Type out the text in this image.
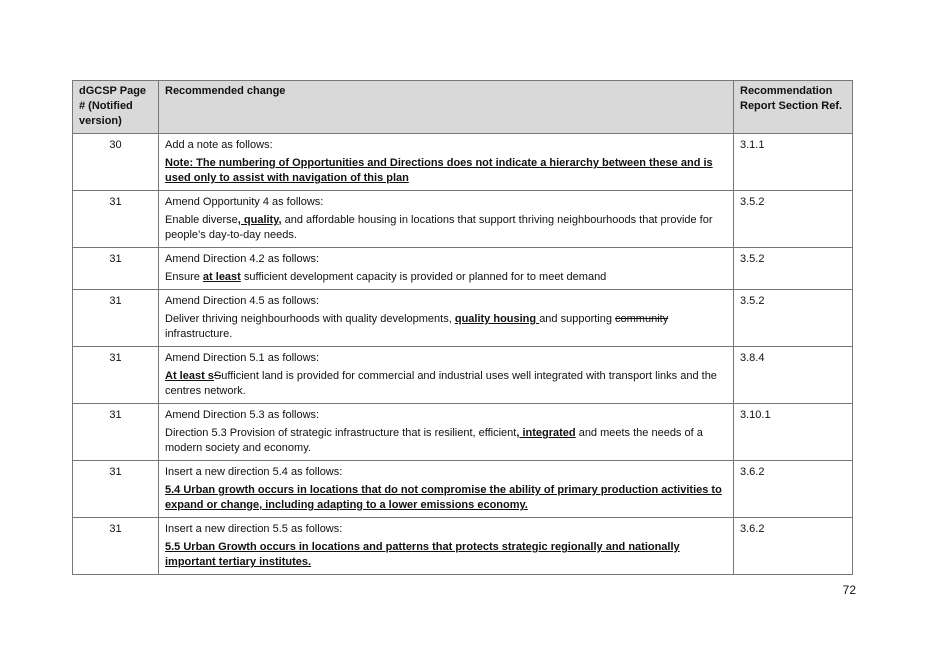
dGCSP Page # (Notified version)	Recommended change	Recommendation Report Section Ref.
30	Add a note as follows:

Note: The numbering of Opportunities and Directions does not indicate a hierarchy between these and is used only to assist with navigation of this plan	3.1.1
31	Amend Opportunity 4 as follows:

Enable diverse, quality, and affordable housing in locations that support thriving neighbourhoods that provide for people’s day-to-day needs.	3.5.2
31	Amend Direction 4.2 as follows:

Ensure at least sufficient development capacity is provided or planned for to meet demand	3.5.2
31	Amend Direction 4.5 as follows:

Deliver thriving neighbourhoods with quality developments, quality housing and supporting community infrastructure.	3.5.2
31	Amend Direction 5.1 as follows:

At least sSufficient land is provided for commercial and industrial uses well integrated with transport links and the centres network.	3.8.4
31	Amend Direction 5.3 as follows:

Direction 5.3 Provision of strategic infrastructure that is resilient, efficient, integrated and meets the needs of a modern society and economy.	3.10.1
31	Insert a new direction 5.4 as follows:

5.4 Urban growth occurs in locations that do not compromise the ability of primary production activities to expand or change, including adapting to a lower emissions economy.	3.6.2
31	Insert a new direction 5.5 as follows:

5.5 Urban Growth occurs in locations and patterns that protects strategic regionally and nationally important tertiary institutes.	3.6.2
72
